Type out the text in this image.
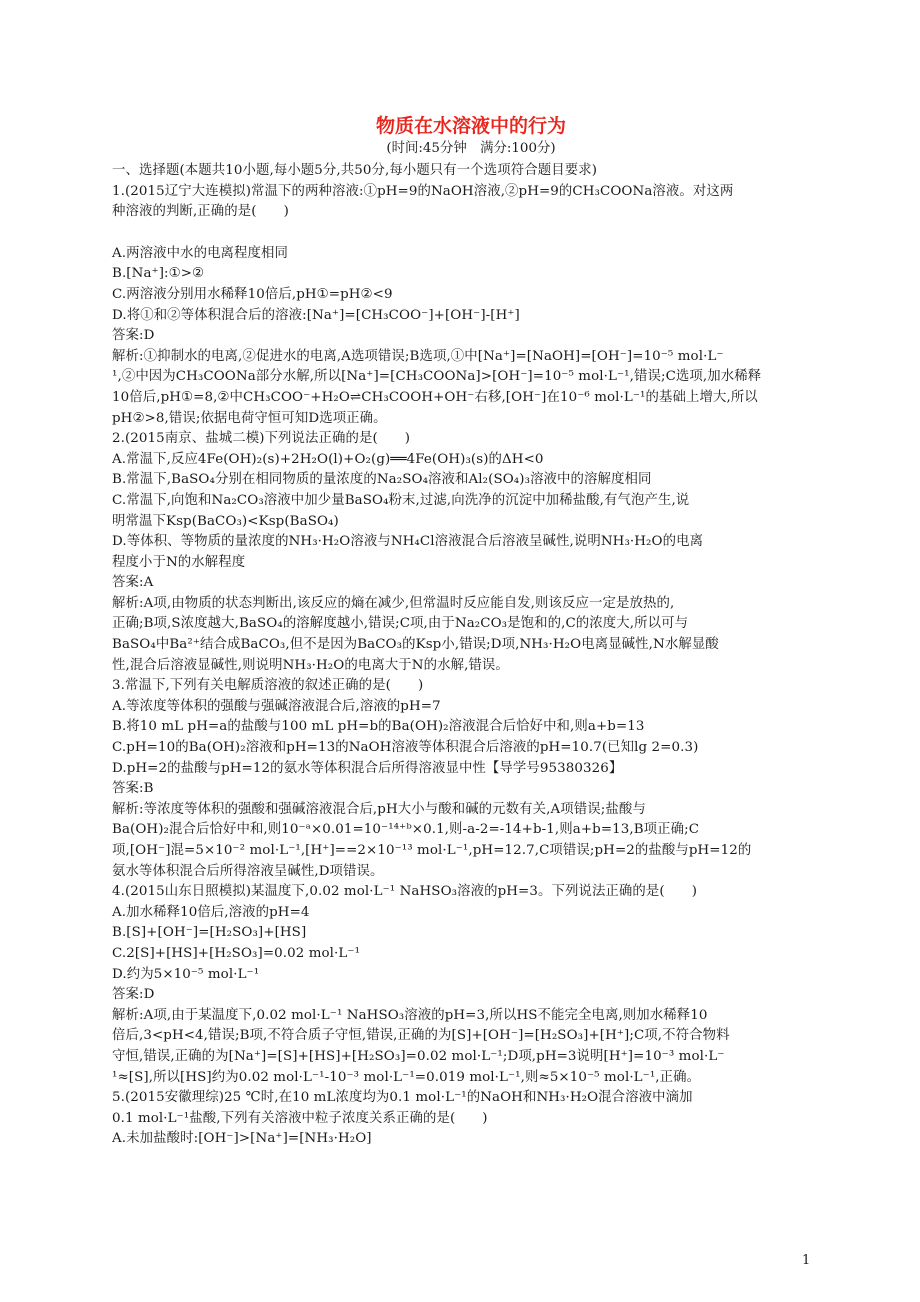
物质在水溶液中的行为

(时间:45分钟　满分:100分)

一、选择题(本题共10小题,每小题5分,共50分,每小题只有一个选项符合题目要求)

1.(2015辽宁大连模拟)常温下的两种溶液:①pH=9的NaOH溶液,②pH=9的CH₃COONa溶液。对这两

种溶液的判断,正确的是(　　)

A.两溶液中水的电离程度相同

B.[Na⁺]:①>②

C.两溶液分别用水稀释10倍后,pH①=pH②<9

D.将①和②等体积混合后的溶液:[Na⁺]=[CH₃COO⁻]+[OH⁻]-[H⁺]

答案:D

解析:①抑制水的电离,②促进水的电离,A选项错误;B选项,①中[Na⁺]=[NaOH]=[OH⁻]=10⁻⁵ mol·L⁻

¹,②中因为CH₃COONa部分水解,所以[Na⁺]=[CH₃COONa]>[OH⁻]=10⁻⁵ mol·L⁻¹,错误;C选项,加水稀释

10倍后,pH①=8,②中CH₃COO⁻+H₂O⇌CH₃COOH+OH⁻右移,[OH⁻]在10⁻⁶ mol·L⁻¹的基础上增大,所以

pH②>8,错误;依据电荷守恒可知D选项正确。

2.(2015南京、盐城二模)下列说法正确的是(　　)

A.常温下,反应4Fe(OH)₂(s)+2H₂O(l)+O₂(g)══4Fe(OH)₃(s)的ΔH<0

B.常温下,BaSO₄分别在相同物质的量浓度的Na₂SO₄溶液和Al₂(SO₄)₃溶液中的溶解度相同

C.常温下,向饱和Na₂CO₃溶液中加少量BaSO₄粉末,过滤,向洗净的沉淀中加稀盐酸,有气泡产生,说

明常温下Ksp(BaCO₃)<Ksp(BaSO₄)

D.等体积、等物质的量浓度的NH₃·H₂O溶液与NH₄Cl溶液混合后溶液呈碱性,说明NH₃·H₂O的电离

程度小于N的水解程度

答案:A

解析:A项,由物质的状态判断出,该反应的熵在减少,但常温时反应能自发,则该反应一定是放热的,

正确;B项,S浓度越大,BaSO₄的溶解度越小,错误;C项,由于Na₂CO₃是饱和的,C的浓度大,所以可与

BaSO₄中Ba²⁺结合成BaCO₃,但不是因为BaCO₃的Ksp小,错误;D项,NH₃·H₂O电离显碱性,N水解显酸

性,混合后溶液显碱性,则说明NH₃·H₂O的电离大于N的水解,错误。

3.常温下,下列有关电解质溶液的叙述正确的是(　　)

A.等浓度等体积的强酸与强碱溶液混合后,溶液的pH=7

B.将10 mL pH=a的盐酸与100 mL pH=b的Ba(OH)₂溶液混合后恰好中和,则a+b=13

C.pH=10的Ba(OH)₂溶液和pH=13的NaOH溶液等体积混合后溶液的pH=10.7(已知lg 2=0.3)

D.pH=2的盐酸与pH=12的氨水等体积混合后所得溶液显中性【导学号95380326】

答案:B

解析:等浓度等体积的强酸和强碱溶液混合后,pH大小与酸和碱的元数有关,A项错误;盐酸与

Ba(OH)₂混合后恰好中和,则10⁻ᵃ×0.01=10⁻¹⁴⁺ᵇ×0.1,则-a-2=-14+b-1,则a+b=13,B项正确;C

项,[OH⁻]混=5×10⁻² mol·L⁻¹,[H⁺]==2×10⁻¹³ mol·L⁻¹,pH=12.7,C项错误;pH=2的盐酸与pH=12的

氨水等体积混合后所得溶液呈碱性,D项错误。

4.(2015山东日照模拟)某温度下,0.02 mol·L⁻¹ NaHSO₃溶液的pH=3。下列说法正确的是(　　)

A.加水稀释10倍后,溶液的pH=4

B.[S]+[OH⁻]=[H₂SO₃]+[HS]

C.2[S]+[HS]+[H₂SO₃]=0.02 mol·L⁻¹

D.约为5×10⁻⁵ mol·L⁻¹

答案:D

解析:A项,由于某温度下,0.02 mol·L⁻¹ NaHSO₃溶液的pH=3,所以HS不能完全电离,则加水稀释10

倍后,3<pH<4,错误;B项,不符合质子守恒,错误,正确的为[S]+[OH⁻]=[H₂SO₃]+[H⁺];C项,不符合物料

守恒,错误,正确的为[Na⁺]=[S]+[HS]+[H₂SO₃]=0.02 mol·L⁻¹;D项,pH=3说明[H⁺]=10⁻³ mol·L⁻

¹≈[S],所以[HS]约为0.02 mol·L⁻¹-10⁻³ mol·L⁻¹=0.019 mol·L⁻¹,则≈5×10⁻⁵ mol·L⁻¹,正确。

5.(2015安徽理综)25 ℃时,在10 mL浓度均为0.1 mol·L⁻¹的NaOH和NH₃·H₂O混合溶液中滴加

0.1 mol·L⁻¹盐酸,下列有关溶液中粒子浓度关系正确的是(　　)

A.未加盐酸时:[OH⁻]>[Na⁺]=[NH₃·H₂O]

1
